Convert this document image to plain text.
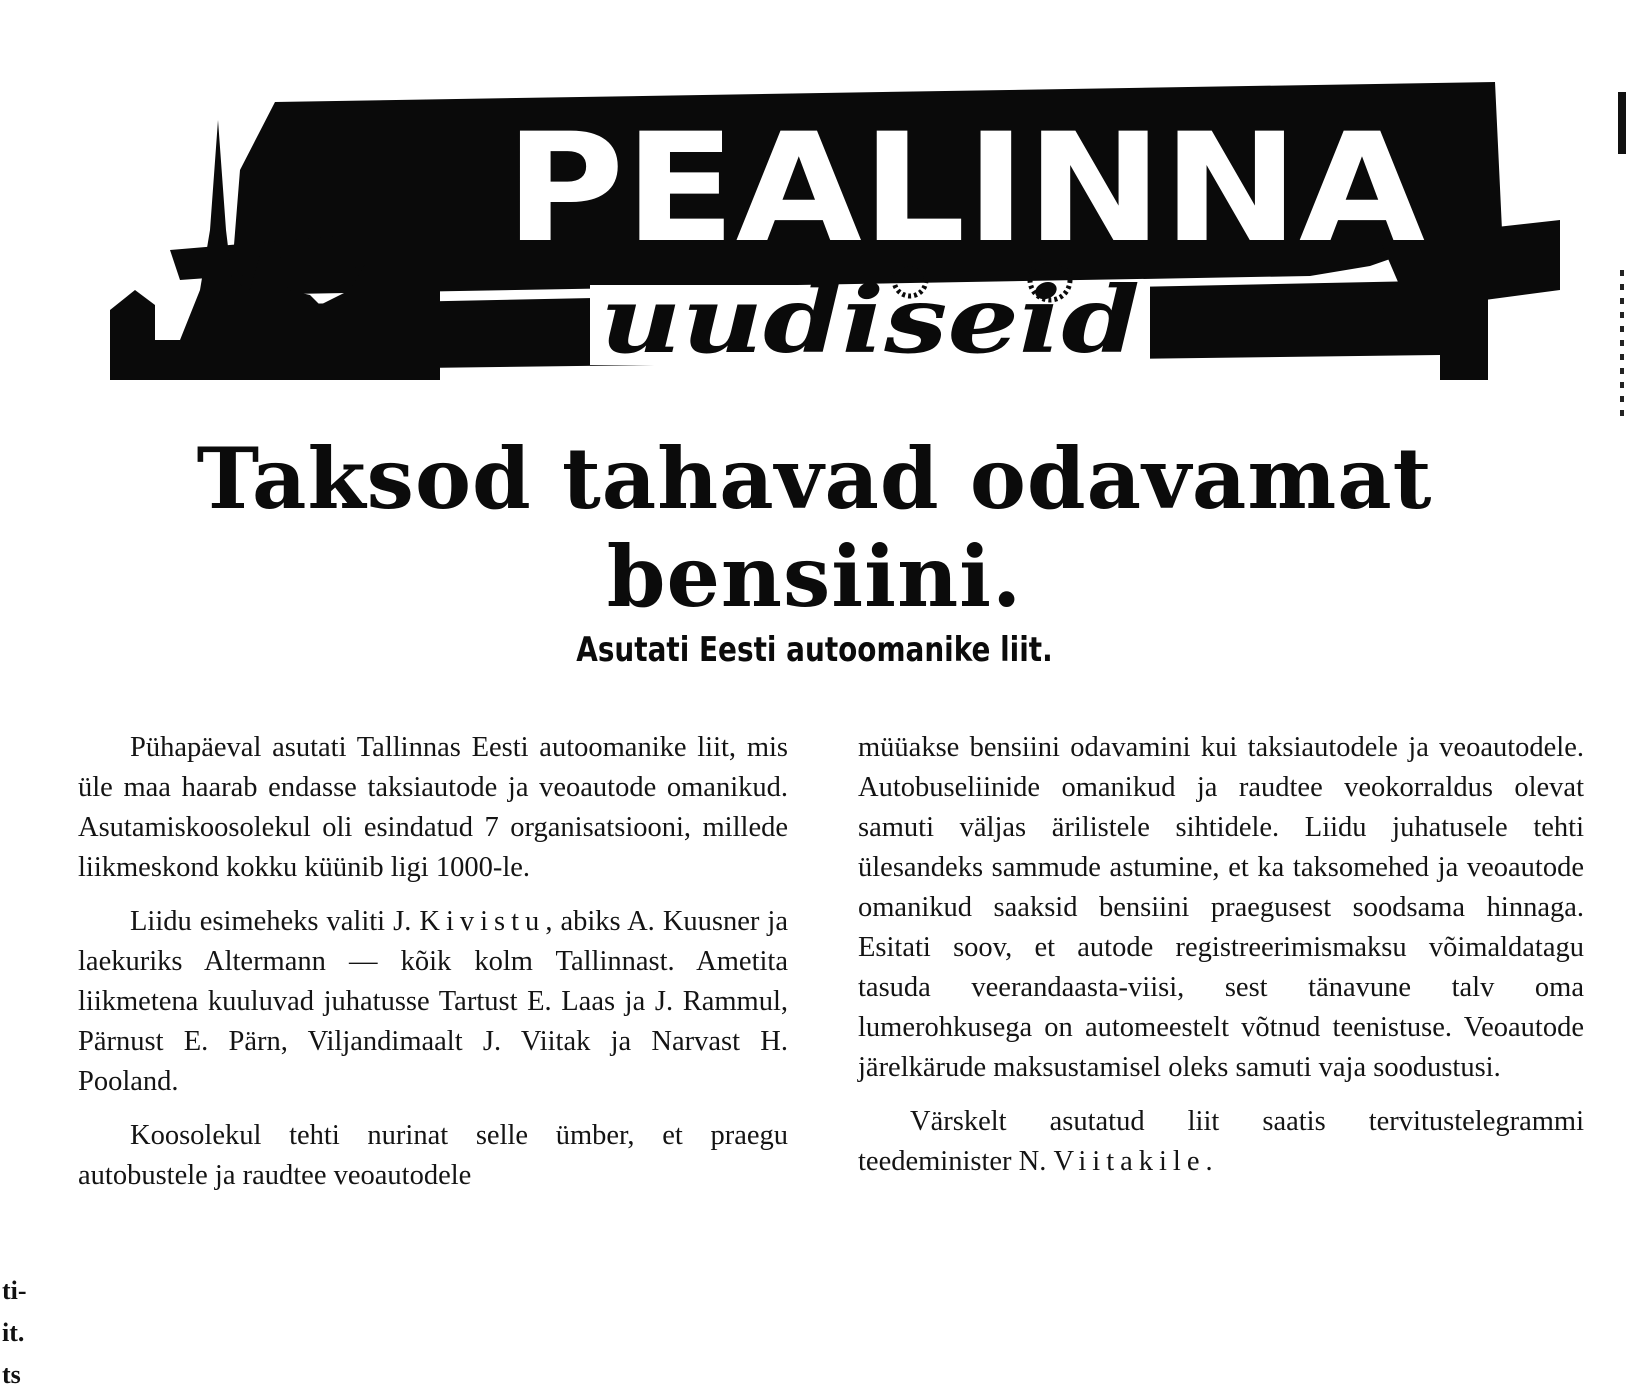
PEALINNA
uudiseid
Taksod tahavad odavamat
bensiini.
Asutati Eesti autoomanike liit.

Pühapäeval asutati Tallinnas Eesti autoomanike liit, mis üle maa haarab endasse taksiautode ja veoautode omanikud. Asutamiskoosolekul oli esindatud 7 organisatsiooni, millede liikmeskond kokku küünib ligi 1000-le.

Liidu esimeheks valiti J. Kivistu, abiks A. Kuusner ja laekuriks Altermann — kõik kolm Tallinnast. Ametita liikmetena kuuluvad juhatusse Tartust E. Laas ja J. Rammul, Pärnust E. Pärn, Viljandimaalt J. Viitak ja Narvast H. Pooland.

Koosolekul tehti nurinat selle ümber, et praegu autobustele ja raudtee veoautodele

müüakse bensiini odavamini kui taksiautodele ja veoautodele. Autobuseliinide omanikud ja raudtee veokorraldus olevat samuti väljas ärilistele sihtidele. Liidu juhatusele tehti ülesandeks sammude astumine, et ka taksomehed ja veoautode omanikud saaksid bensiini praegusest soodsama hinnaga. Esitati soov, et autode registreerimismaksu võimaldatagu tasuda veerandaasta-viisi, sest tänavune talv oma lumerohkusega on automeestelt võtnud teenistuse. Veoautode järelkärude maksustamisel oleks samuti vaja soodustusi.

Värskelt asutatud liit saatis tervitustelegrammi teedeminister N. Viitakile.

ti-
it.
ts
